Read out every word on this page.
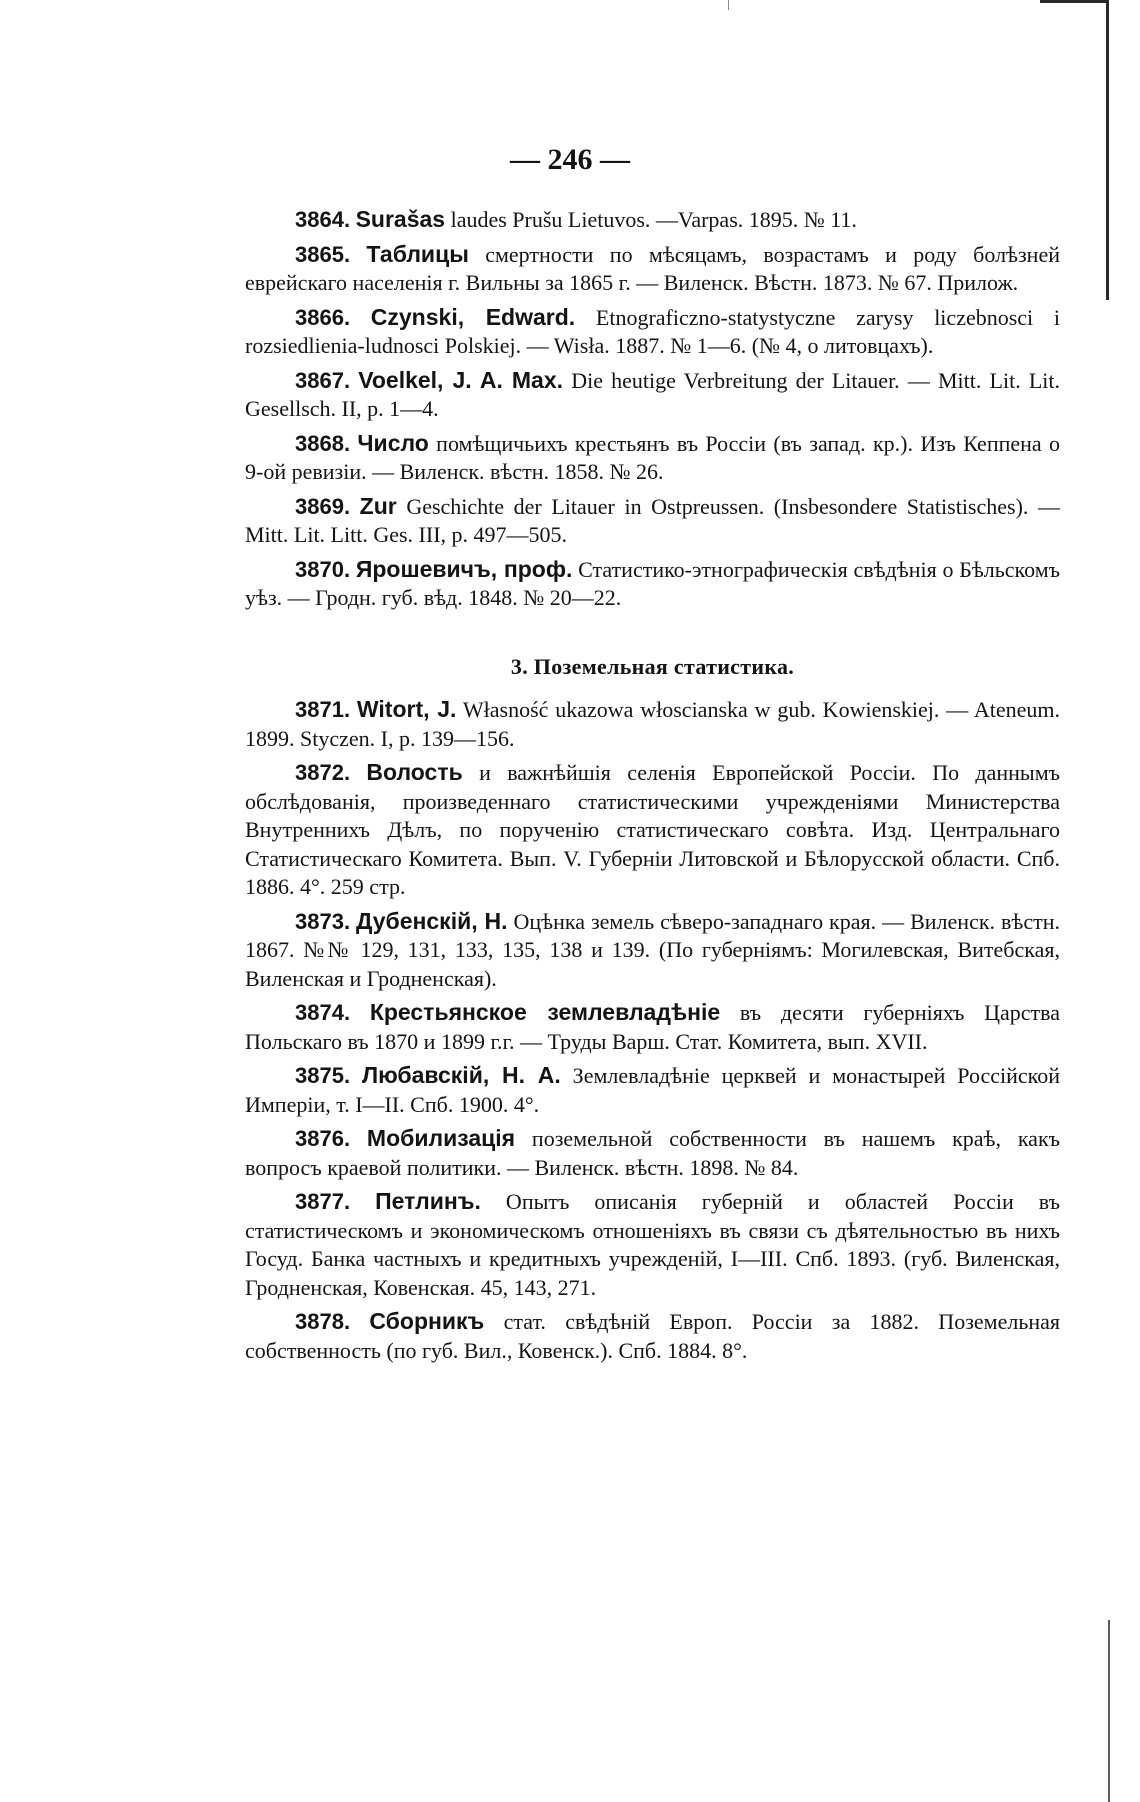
— 246 —

3864. Surašas laudes Prušu Lietuvos. —Varpas. 1895. № 11.

3865. Таблицы смертности по мѣсяцамъ, возрастамъ и роду болѣзней еврейскаго населенія г. Вильны за 1865 г. — Виленск. Вѣстн. 1873. № 67. Прилож.

3866. Czynski, Edward. Etnograficzno-statystyczne zarysy liczebnosci i rozsiedlienia-ludnosci Polskiej. — Wisła. 1887. № 1—6. (№ 4, о литовцахъ).

3867. Voelkel, J. A. Max. Die heutige Verbreitung der Litauer. — Mitt. Lit. Lit. Gesellsch. II, p. 1—4.

3868. Число помѣщичьихъ крестьянъ въ Россіи (въ запад. кр.). Изъ Кеппена о 9-ой ревизіи. — Виленск. вѣстн. 1858. № 26.

3869. Zur Geschichte der Litauer in Ostpreussen. (Insbesondere Statistisches). — Mitt. Lit. Litt. Ges. III, p. 497—505.

3870. Ярошевичъ, проф. Статистико-этнографическія свѣдѣнія о Бѣльскомъ уѣз. — Гродн. губ. вѣд. 1848. № 20—22.

3. Поземельная статистика.

3871. Witort, J. Własność ukazowa włoscianska w gub. Kowienskiej. — Ateneum. 1899. Styczen. I, p. 139—156.

3872. Волость и важнѣйшія селенія Европейской Россіи. По даннымъ обслѣдованія, произведеннаго статистическими учрежденіями Министерства Внутреннихъ Дѣлъ, по порученію статистическаго совѣта. Изд. Центральнаго Статистическаго Комитета. Вып. V. Губерніи Литовской и Бѣлорусской области. Спб. 1886. 4°. 259 стр.

3873. Дубенскій, Н. Оцѣнка земель сѣверо-западнаго края. — Виленск. вѣстн. 1867. №№ 129, 131, 133, 135, 138 и 139. (По губерніямъ: Могилевская, Витебская, Виленская и Гродненская).

3874. Крестьянское землевладѣніе въ десяти губерніяхъ Царства Польскаго въ 1870 и 1899 г.г. — Труды Варш. Стат. Комитета, вып. XVII.

3875. Любавскій, Н. А. Землевладѣніе церквей и монастырей Россійской Имперіи, т. I—II. Спб. 1900. 4°.

3876. Мобилизація поземельной собственности въ нашемъ краѣ, какъ вопросъ краевой политики. — Виленск. вѣстн. 1898. № 84.

3877. Петлинъ. Опытъ описанія губерній и областей Россіи въ статистическомъ и экономическомъ отношеніяхъ въ связи съ дѣятельностью въ нихъ Госуд. Банка частныхъ и кредитныхъ учрежденій, I—III. Спб. 1893. (губ. Виленская, Гродненская, Ковенская. 45, 143, 271.

3878. Сборникъ стат. свѣдѣній Европ. Россіи за 1882. Поземельная собственность (по губ. Вил., Ковенск.). Спб. 1884. 8°.
